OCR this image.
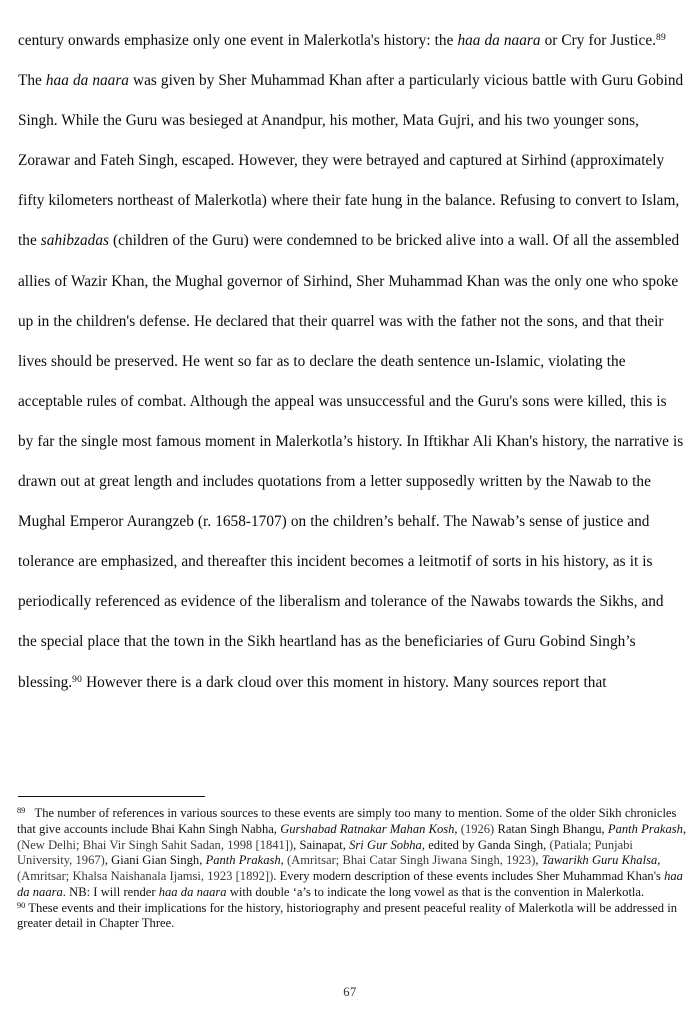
century onwards emphasize only one event in Malerkotla's history: the haa da naara or Cry for Justice.$^{89}$ The haa da naara was given by Sher Muhammad Khan after a particularly vicious battle with Guru Gobind Singh. While the Guru was besieged at Anandpur, his mother, Mata Gujri, and his two younger sons, Zorawar and Fateh Singh, escaped. However, they were betrayed and captured at Sirhind (approximately fifty kilometers northeast of Malerkotla) where their fate hung in the balance. Refusing to convert to Islam, the sahibzadas (children of the Guru) were condemned to be bricked alive into a wall. Of all the assembled allies of Wazir Khan, the Mughal governor of Sirhind, Sher Muhammad Khan was the only one who spoke up in the children's defense. He declared that their quarrel was with the father not the sons, and that their lives should be preserved. He went so far as to declare the death sentence un-Islamic, violating the acceptable rules of combat. Although the appeal was unsuccessful and the Guru's sons were killed, this is by far the single most famous moment in Malerkotla’s history. In Iftikhar Ali Khan's history, the narrative is drawn out at great length and includes quotations from a letter supposedly written by the Nawab to the Mughal Emperor Aurangzeb (r. 1658-1707) on the children’s behalf. The Nawab’s sense of justice and tolerance are emphasized, and thereafter this incident becomes a leitmotif of sorts in his history, as it is periodically referenced as evidence of the liberalism and tolerance of the Nawabs towards the Sikhs, and the special place that the town in the Sikh heartland has as the beneficiaries of Guru Gobind Singh’s blessing.$^{90}$ However there is a dark cloud over this moment in history. Many sources report that

$^{89}$ The number of references in various sources to these events are simply too many to mention. Some of the older Sikh chronicles that give accounts include Bhai Kahn Singh Nabha, Gurshabad Ratnakar Mahan Kosh, (1926) Ratan Singh Bhangu, Panth Prakash, (New Delhi; Bhai Vir Singh Sahit Sadan, 1998 [1841]), Sainapat, Sri Gur Sobha, edited by Ganda Singh, (Patiala; Punjabi University, 1967), Giani Gian Singh, Panth Prakash, (Amritsar; Bhai Catar Singh Jiwana Singh, 1923), Tawarikh Guru Khalsa, (Amritsar; Khalsa Naishanala Ijamsi, 1923 [1892]). Every modern description of these events includes Sher Muhammad Khan's haa da naara. NB: I will render haa da naara with double ‘a’s to indicate the long vowel as that is the convention in Malerkotla.

$^{90}$ These events and their implications for the history, historiography and present peaceful reality of Malerkotla will be addressed in greater detail in Chapter Three.

67
